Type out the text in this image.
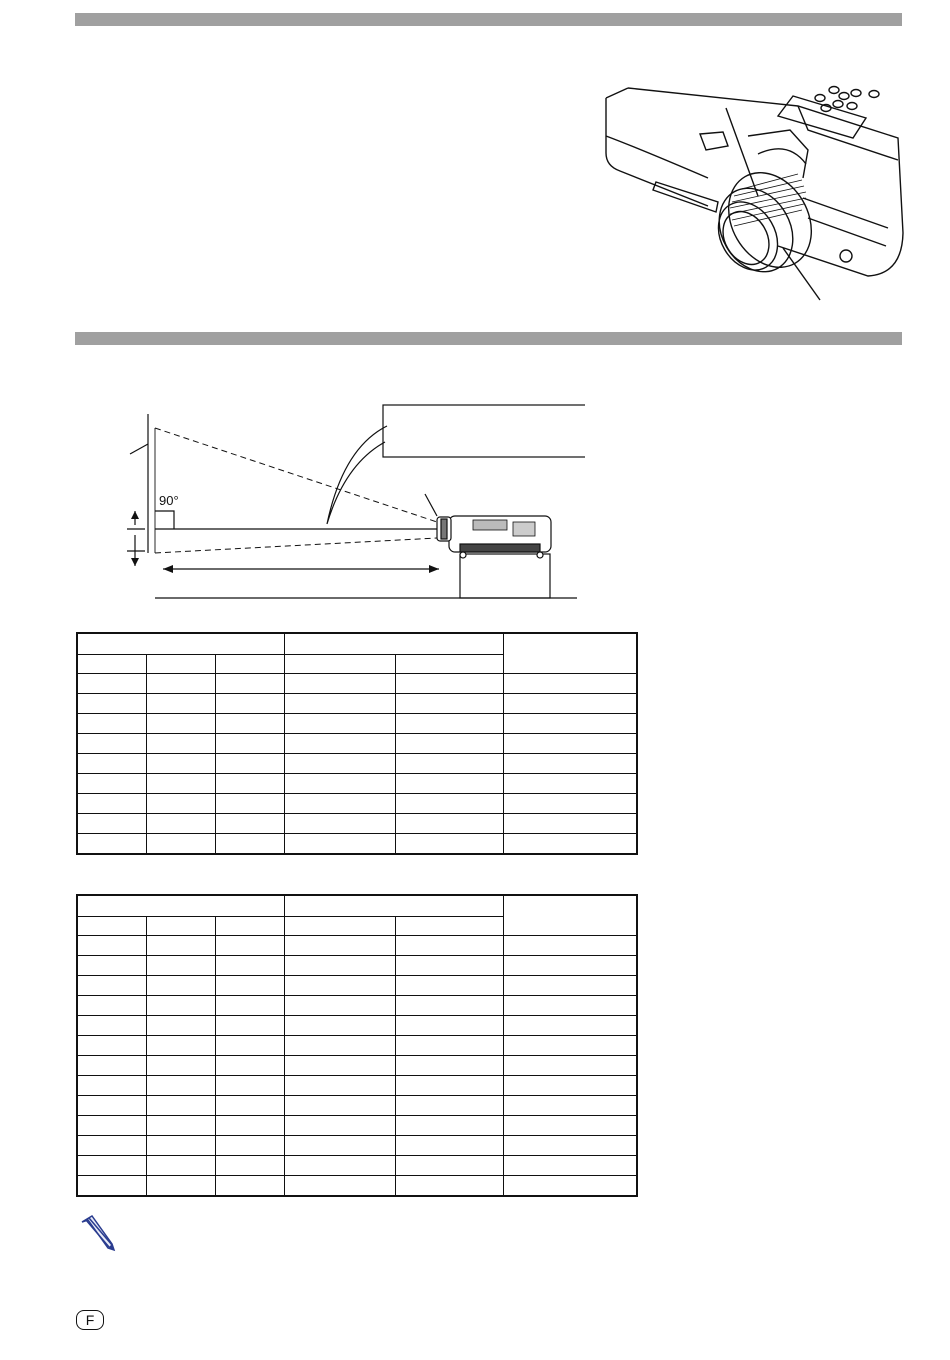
90°

F
